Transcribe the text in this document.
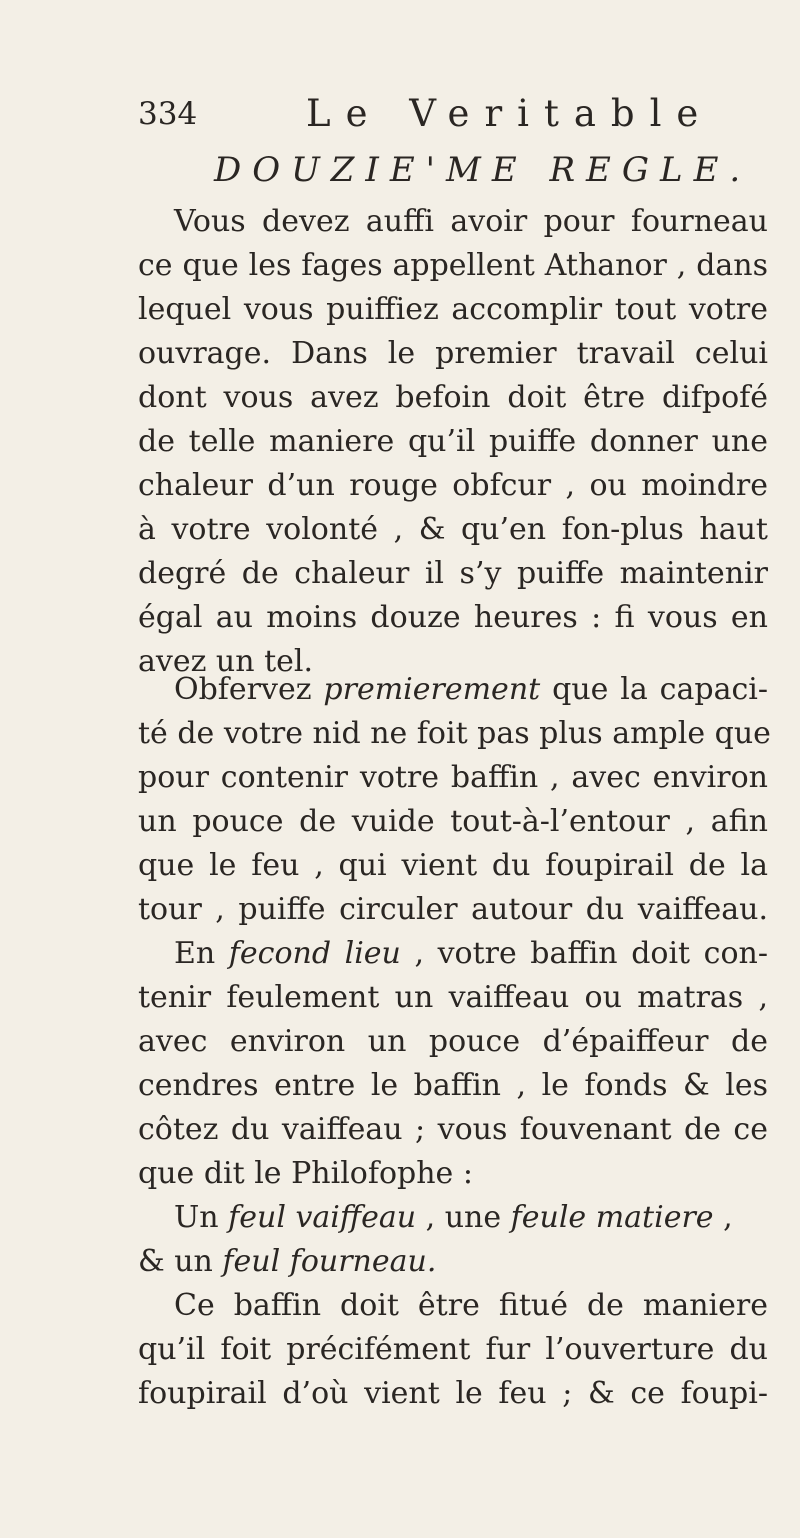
334	Le Veritable
DOUZIE'ME REGLE.
Vous devez auffi avoir pour fourneau
ce que les fages appellent Athanor , dans
lequel vous puiffiez accomplir tout votre
ouvrage. Dans le premier travail celui
dont vous avez befoin doit être difpofé
de telle maniere qu’il puiffe donner une
chaleur d’un rouge obfcur , ou moindre
à votre volonté , & qu’en fon-plus haut
degré de chaleur il s’y puiffe maintenir
égal au moins douze heures : fi vous en
avez un tel.
Obfervez premierement que la capaci-
té de votre nid ne foit pas plus ample que
pour contenir votre baffin , avec environ
un pouce de vuide tout-à-l’entour , afin
que le feu , qui vient du foupirail de la
tour , puiffe circuler autour du vaiffeau.
En fecond lieu , votre baffin doit con-
tenir feulement un vaiffeau ou matras ,
avec environ un pouce d’épaiffeur de
cendres entre le baffin , le fonds & les
côtez du vaiffeau ; vous fouvenant de ce
que dit le Philofophe :
Un feul vaiffeau , une feule matiere ,
& un feul fourneau.
Ce baffin doit être fitué de maniere
qu’il foit précifément fur l’ouverture du
foupirail d’où vient le feu ; & ce foupi-
